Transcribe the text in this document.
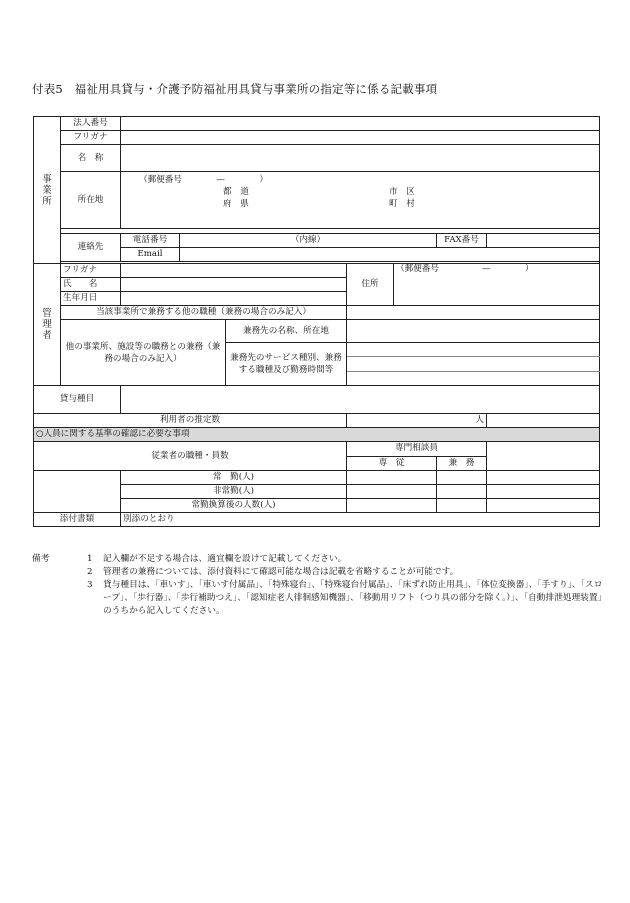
付表5　福祉用具貸与・介護予防福祉用具貸与事業所の指定等に係る記載事項
事業所	法人番号							
	フリガナ							
	名　称							
	所在地	（郵便番号　　　　—　　　　）
都　道
府　県
市　区
町　村						

	連絡先	電話番号	（内線）				FAX番号	
		Email						

管理者	フリガナ				住所	（郵便番号　　　　　—　　　　）		
	氏　　名							
	生年月日							
	当該事業所で兼務する他の職種（兼務の場合のみ記入）							
	他の事業所、施設等の職務との兼務（兼務の場合のみ記入）			兼務先の名称、所在地				
				兼務先のサービス種別、兼務する職種及び勤務時間等				

貸与種目								
利用者の推定数					人			
○人員に関する基準の確認に必要な事項								
従業者の職種・員数					専門相談員			
					専　従		兼　務	
		常　勤(人)						
		非常勤(人)						
		常勤換算後の人数(人)						
添付書類		別添のとおり						
備考	1 記入欄が不足する場合は、適宜欄を設けて記載してください。
2 管理者の兼務については、添付資料にて確認可能な場合は記載を省略することが可能です。
3 貸与種目は、「車いす」、「車いす付属品」、「特殊寝台」、「特殊寝台付属品」、「床ずれ防止用具」、「体位変換器」、「手すり」、「スロープ」、「歩行器」、「歩行補助つえ」、「認知症老人徘徊感知機器」、「移動用リフト（つり具の部分を除く。）」、「自動排泄処理装置」のうちから記入してください。
